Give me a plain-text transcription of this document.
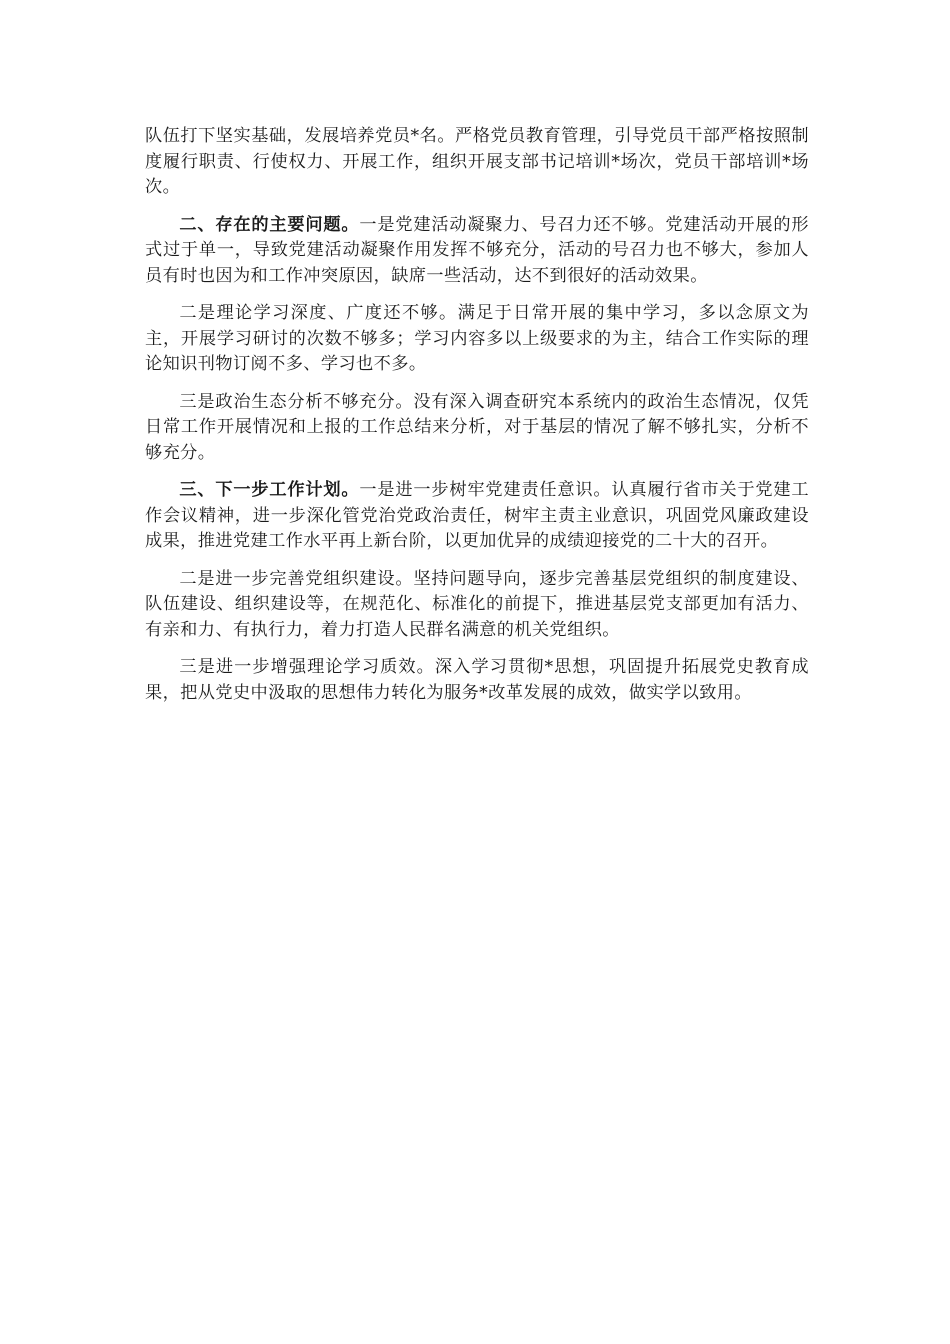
队伍打下坚实基础，发展培养党员*名。严格党员教育管理，引导党员干部严格按照制度履行职责、行使权力、开展工作，组织开展支部书记培训*场次，党员干部培训*场次。

二、存在的主要问题。一是党建活动凝聚力、号召力还不够。党建活动开展的形式过于单一，导致党建活动凝聚作用发挥不够充分，活动的号召力也不够大，参加人员有时也因为和工作冲突原因，缺席一些活动，达不到很好的活动效果。

二是理论学习深度、广度还不够。满足于日常开展的集中学习，多以念原文为主，开展学习研讨的次数不够多；学习内容多以上级要求的为主，结合工作实际的理论知识刊物订阅不多、学习也不多。

三是政治生态分析不够充分。没有深入调查研究本系统内的政治生态情况，仅凭日常工作开展情况和上报的工作总结来分析，对于基层的情况了解不够扎实，分析不够充分。

三、下一步工作计划。一是进一步树牢党建责任意识。认真履行省市关于党建工作会议精神，进一步深化管党治党政治责任，树牢主责主业意识，巩固党风廉政建设成果，推进党建工作水平再上新台阶，以更加优异的成绩迎接党的二十大的召开。

二是进一步完善党组织建设。坚持问题导向，逐步完善基层党组织的制度建设、队伍建设、组织建设等，在规范化、标准化的前提下，推进基层党支部更加有活力、有亲和力、有执行力，着力打造人民群名满意的机关党组织。

三是进一步增强理论学习质效。深入学习贯彻*思想，巩固提升拓展党史教育成果，把从党史中汲取的思想伟力转化为服务*改革发展的成效，做实学以致用。
